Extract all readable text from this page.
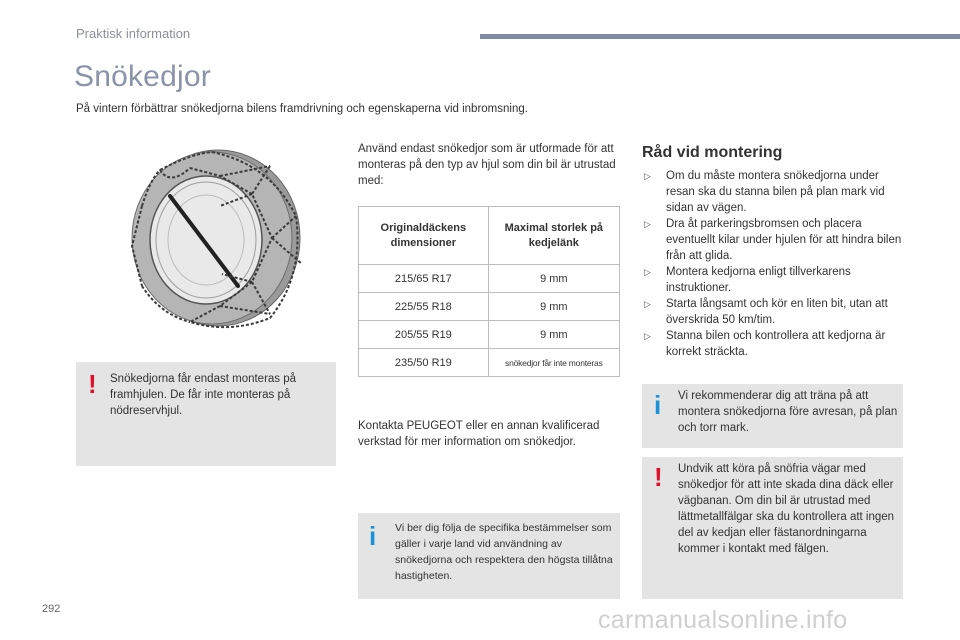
Praktisk information
Snökedjor

På vintern förbättrar snökedjorna bilens framdrivning och egenskaperna vid inbromsning.

! Snökedjorna får endast monteras på framhjulen. De får inte monteras på nödreservhjul.

Använd endast snökedjor som är utformade för att monteras på den typ av hjul som din bil är utrustad med:

Originaldäckens dimensioner	Maximal storlek på kedjelänk
215/65 R17	9 mm
225/55 R18	9 mm
205/55 R19	9 mm
235/50 R19	snökedjor får inte monteras

Kontakta PEUGEOT eller en annan kvalificerad verkstad för mer information om snökedjor.

i Vi ber dig följa de specifika bestämmelser som gäller i varje land vid användning av snökedjorna och respektera den högsta tillåtna hastigheten.

Råd vid montering
▷ Om du måste montera snökedjorna under resan ska du stanna bilen på plan mark vid sidan av vägen.
▷ Dra åt parkeringsbromsen och placera eventuellt kilar under hjulen för att hindra bilen från att glida.
▷ Montera kedjorna enligt tillverkarens instruktioner.
▷ Starta långsamt och kör en liten bit, utan att överskrida 50 km/tim.
▷ Stanna bilen och kontrollera att kedjorna är korrekt sträckta.
i Vi rekommenderar dig att träna på att montera snökedjorna före avresan, på plan och torr mark.

! Undvik att köra på snöfria vägar med snökedjor för att inte skada dina däck eller vägbanan. Om din bil är utrustad med lättmetallfälgar ska du kontrollera att ingen del av kedjan eller fästanordningarna kommer i kontakt med fälgen.

292	carmanualsonline.info
